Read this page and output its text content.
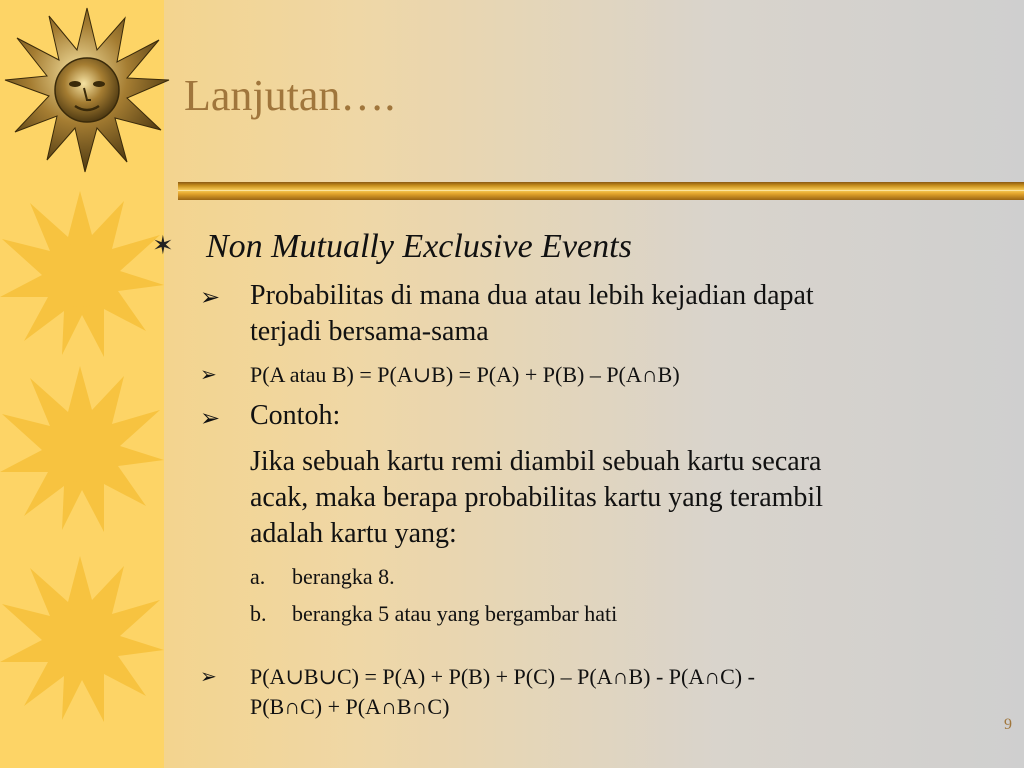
Lanjutan….
✶ Non Mutually Exclusive Events
➢ Probabilitas di mana dua atau lebih kejadian dapat
terjadi bersama-sama
➢ P(A atau B) = P(A∪B) = P(A) + P(B) – P(A∩B)
➢ Contoh:
Jika sebuah kartu remi diambil sebuah kartu secara
acak, maka berapa probabilitas kartu yang terambil
adalah kartu yang:
a. berangka 8.
b. berangka 5 atau yang bergambar hati
➢ P(A∪B∪C) = P(A) + P(B) + P(C) – P(A∩B) - P(A∩C) -
P(B∩C) + P(A∩B∩C)
9
